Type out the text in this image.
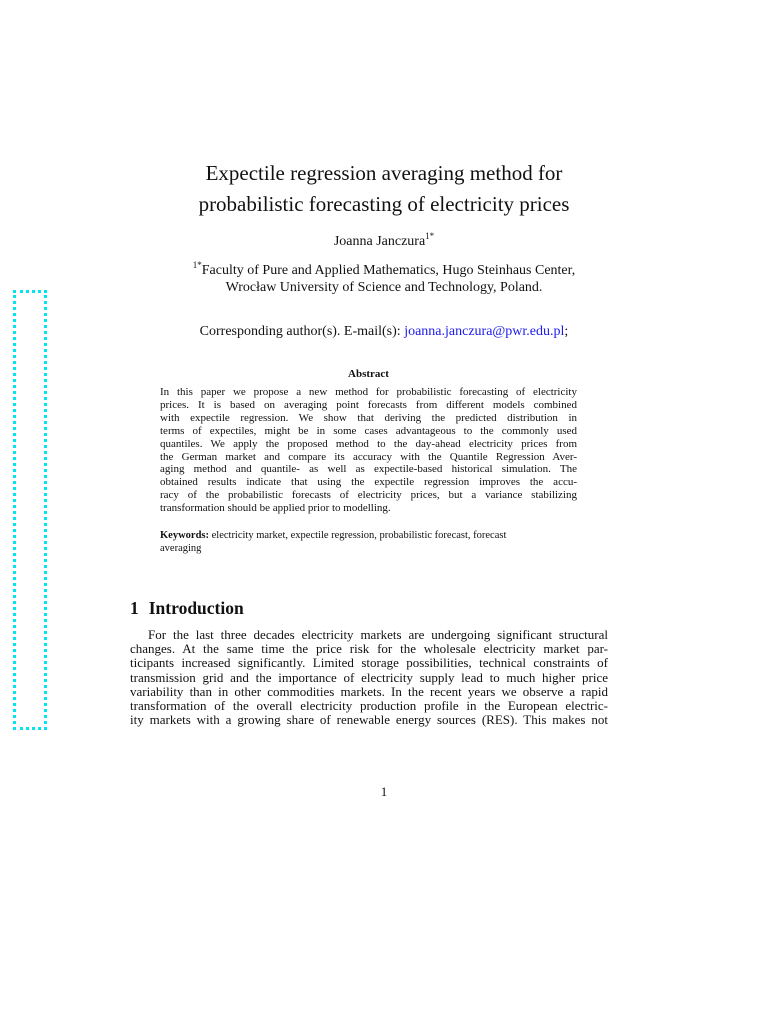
Expectile regression averaging method for
probabilistic forecasting of electricity prices
Joanna Janczura$^{1*}$
$^{1*}$Faculty of Pure and Applied Mathematics, Hugo Steinhaus Center,
Wrocław University of Science and Technology, Poland.
Corresponding author(s). E-mail(s): joanna.janczura@pwr.edu.pl;
Abstract
In this paper we propose a new method for probabilistic forecasting of electricity
prices. It is based on averaging point forecasts from different models combined
with expectile regression. We show that deriving the predicted distribution in
terms of expectiles, might be in some cases advantageous to the commonly used
quantiles. We apply the proposed method to the day-ahead electricity prices from
the German market and compare its accuracy with the Quantile Regression Aver-
aging method and quantile- as well as expectile-based historical simulation. The
obtained results indicate that using the expectile regression improves the accu-
racy of the probabilistic forecasts of electricity prices, but a variance stabilizing
transformation should be applied prior to modelling.
Keywords: electricity market, expectile regression, probabilistic forecast, forecast
averaging
1 Introduction
For the last three decades electricity markets are undergoing significant structural
changes. At the same time the price risk for the wholesale electricity market par-
ticipants increased significantly. Limited storage possibilities, technical constraints of
transmission grid and the importance of electricity supply lead to much higher price
variability than in other commodities markets. In the recent years we observe a rapid
transformation of the overall electricity production profile in the European electric-
ity markets with a growing share of renewable energy sources (RES). This makes not
1
